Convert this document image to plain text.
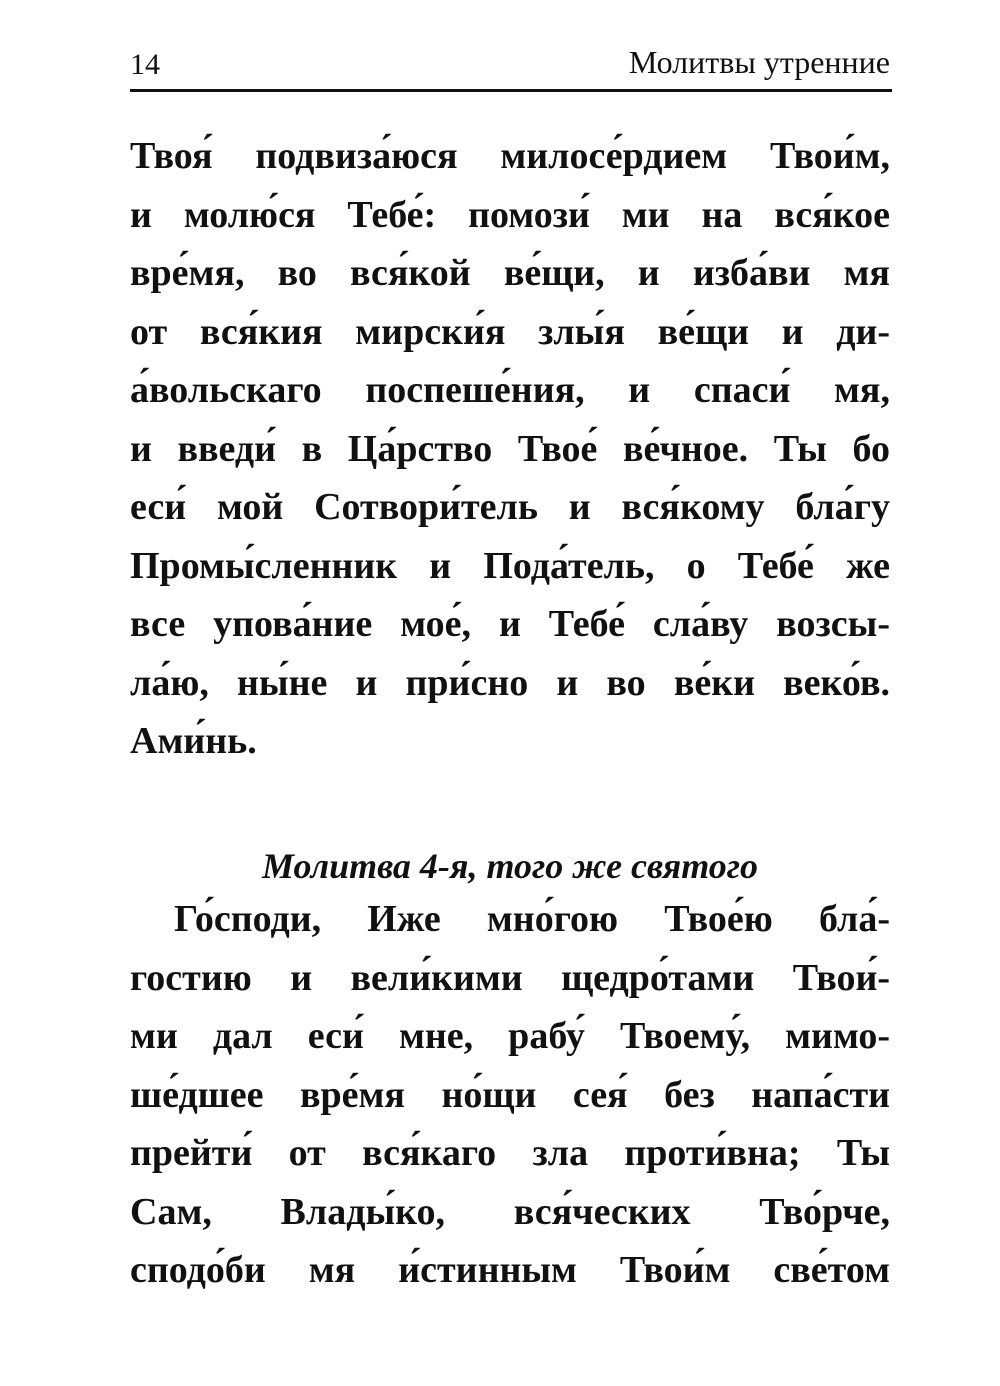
14	Молитвы утренние
Твоя́ подвиза́юся милосе́рдием Твои́м,
и молю́ся Тебе́: помози́ ми на вся́кое
вре́мя, во вся́кой ве́щи, и изба́ви мя
от вся́кия мирски́я злы́я ве́щи и ди-
а́вольскаго поспеше́ния, и спаси́ мя,
и введи́ в Ца́рство Твое́ ве́чное. Ты бо
еси́ мой Сотвори́тель и вся́кому бла́гу
Промы́сленник и Пода́тель, о Тебе́ же
все упова́ние мое́, и Тебе́ сла́ву возсы-
ла́ю, ны́не и при́сно и во ве́ки веко́в.
Ами́нь.
Молитва 4-я, того же святого
Го́споди, Иже мно́гою Твое́ю бла́-
гостию и вели́кими щедро́тами Твои́-
ми дал еси́ мне, рабу́ Твоему́, мимо-
ше́дшее вре́мя но́щи сея́ без напа́сти
прейти́ от вся́каго зла проти́вна; Ты
Сам, Влады́ко, вся́ческих Тво́рче,
сподо́би мя и́стинным Твои́м све́том
